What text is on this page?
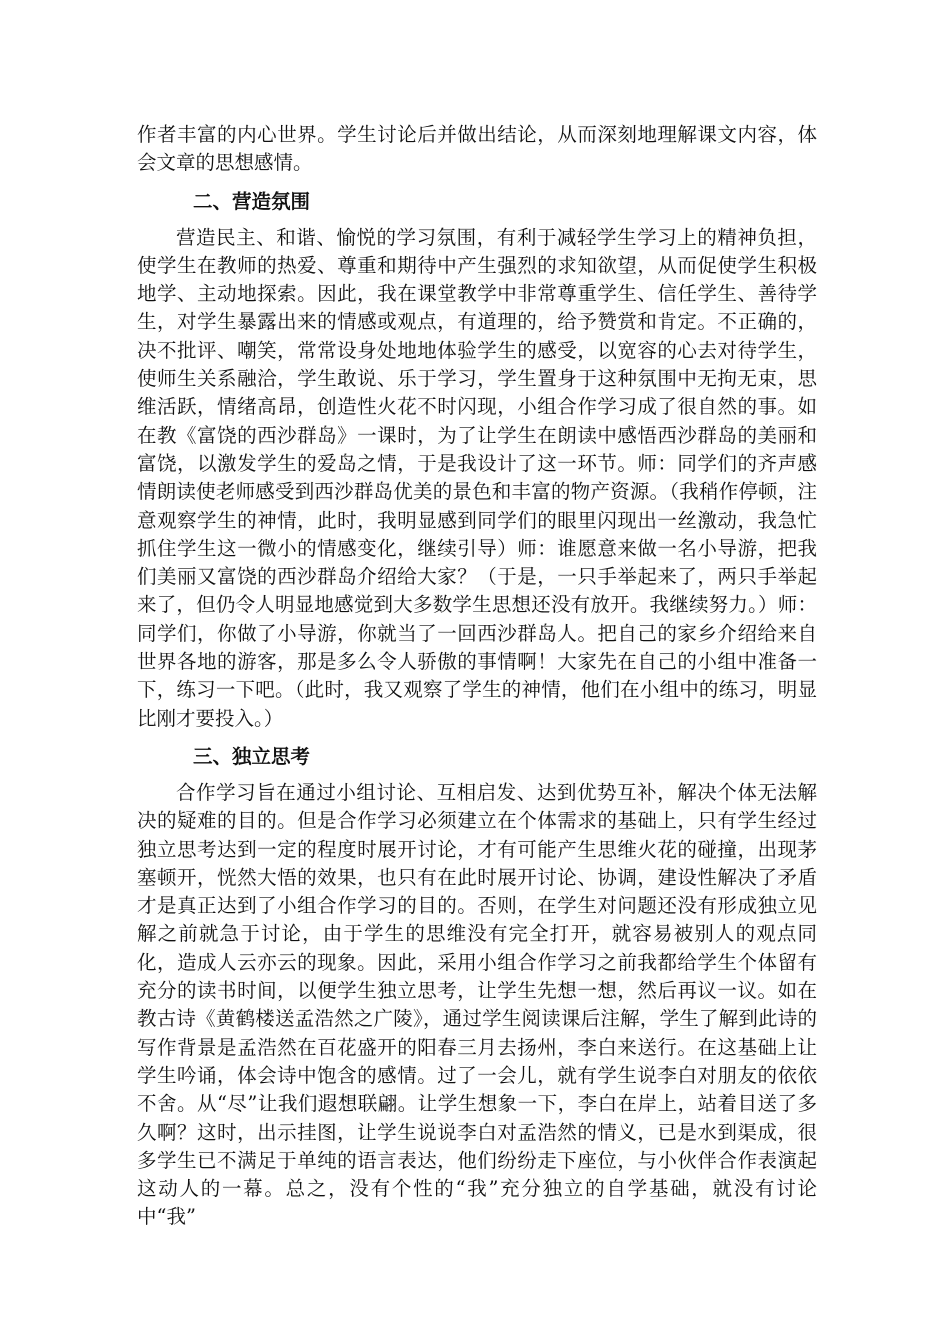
作者丰富的内心世界。学生讨论后并做出结论，从而深刻地理解课文内容，体会文章的思想感情。

二、营造氛围

营造民主、和谐、愉悦的学习氛围，有利于减轻学生学习上的精神负担，使学生在教师的热爱、尊重和期待中产生强烈的求知欲望，从而促使学生积极地学、主动地探索。因此，我在课堂教学中非常尊重学生、信任学生、善待学生，对学生暴露出来的情感或观点，有道理的，给予赞赏和肯定。不正确的，决不批评、嘲笑，常常设身处地地体验学生的感受，以宽容的心去对待学生，使师生关系融洽，学生敢说、乐于学习，学生置身于这种氛围中无拘无束，思维活跃，情绪高昂，创造性火花不时闪现，小组合作学习成了很自然的事。如在教《富饶的西沙群岛》一课时，为了让学生在朗读中感悟西沙群岛的美丽和富饶，以激发学生的爱岛之情，于是我设计了这一环节。师：同学们的齐声感情朗读使老师感受到西沙群岛优美的景色和丰富的物产资源。（我稍作停顿，注意观察学生的神情，此时，我明显感到同学们的眼里闪现出一丝激动，我急忙抓住学生这一微小的情感变化，继续引导）师：谁愿意来做一名小导游，把我们美丽又富饶的西沙群岛介绍给大家？（于是，一只手举起来了，两只手举起来了，但仍令人明显地感觉到大多数学生思想还没有放开。我继续努力。）师：同学们，你做了小导游，你就当了一回西沙群岛人。把自己的家乡介绍给来自世界各地的游客，那是多么令人骄傲的事情啊！大家先在自己的小组中准备一下，练习一下吧。（此时，我又观察了学生的神情，他们在小组中的练习，明显比刚才要投入。）

三、独立思考

合作学习旨在通过小组讨论、互相启发、达到优势互补，解决个体无法解决的疑难的目的。但是合作学习必须建立在个体需求的基础上，只有学生经过独立思考达到一定的程度时展开讨论，才有可能产生思维火花的碰撞，出现茅塞顿开，恍然大悟的效果，也只有在此时展开讨论、协调，建设性解决了矛盾才是真正达到了小组合作学习的目的。否则，在学生对问题还没有形成独立见解之前就急于讨论，由于学生的思维没有完全打开，就容易被别人的观点同化，造成人云亦云的现象。因此，采用小组合作学习之前我都给学生个体留有充分的读书时间，以便学生独立思考，让学生先想一想，然后再议一议。如在教古诗《黄鹤楼送孟浩然之广陵》，通过学生阅读课后注解，学生了解到此诗的写作背景是孟浩然在百花盛开的阳春三月去扬州，李白来送行。在这基础上让学生吟诵，体会诗中饱含的感情。过了一会儿，就有学生说李白对朋友的依依不舍。从“尽”让我们遐想联翩。让学生想象一下，李白在岸上，站着目送了多久啊？这时，出示挂图，让学生说说李白对孟浩然的情义，已是水到渠成，很多学生已不满足于单纯的语言表达，他们纷纷走下座位，与小伙伴合作表演起这动人的一幕。总之，没有个性的“我”充分独立的自学基础，就没有讨论中“我”
